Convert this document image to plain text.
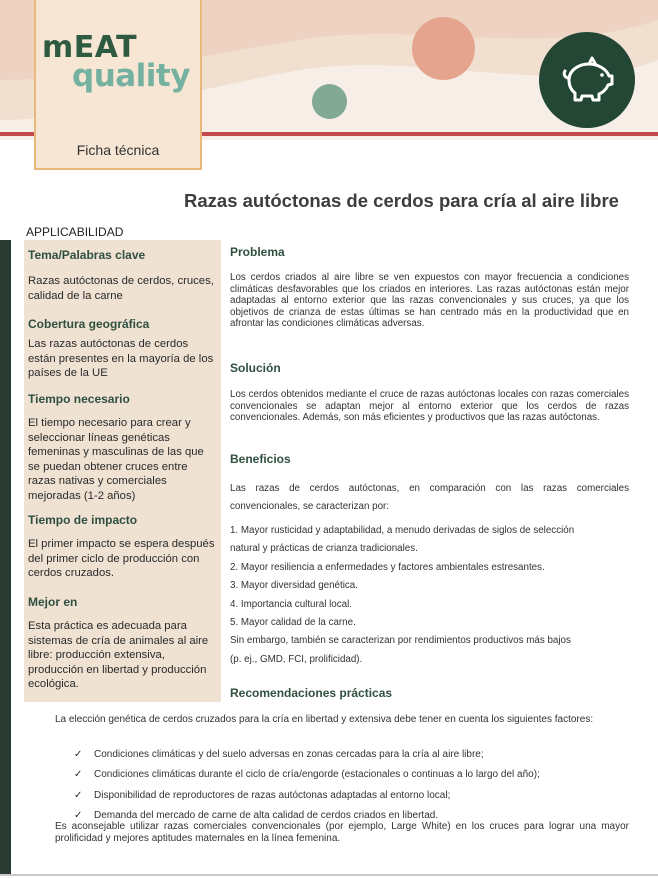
mEAT
quality
Ficha técnica
Razas autóctonas de cerdos para cría al aire libre
APPLICABILIDAD

Tema/Palabras clave

Razas autóctonas de cerdos, cruces, calidad de la carne

Cobertura geográfica

Las razas autóctonas de cerdos están presentes en la mayoría de los países de la UE

Tiempo necesario

El tiempo necesario para crear y seleccionar líneas genéticas femeninas y masculinas de las que se puedan obtener cruces entre razas nativas y comerciales mejoradas (1-2 años)

Tiempo de impacto

El primer impacto se espera después del primer ciclo de producción con cerdos cruzados.

Mejor en

Esta práctica es adecuada para sistemas de cría de animales al aire libre: producción extensiva, producción en libertad y producción ecológica.

Problema
Los cerdos criados al aire libre se ven expuestos con mayor frecuencia a condiciones climáticas desfavorables que los criados en interiores. Las razas autóctonas están mejor adaptadas al entorno exterior que las razas convencionales y sus cruces, ya que los objetivos de crianza de estas últimas se han centrado más en la productividad que en afrontar las condiciones climáticas adversas.
Solución
Los cerdos obtenidos mediante el cruce de razas autóctonas locales con razas comerciales convencionales se adaptan mejor al entorno exterior que los cerdos de razas convencionales. Además, son más eficientes y productivos que las razas autóctonas.
Beneficios
Las razas de cerdos autóctonas, en comparación con las razas comerciales convencionales, se caracterizan por:
1. Mayor rusticidad y adaptabilidad, a menudo derivadas de siglos de selección
natural y prácticas de crianza tradicionales.
2. Mayor resiliencia a enfermedades y factores ambientales estresantes.
3. Mayor diversidad genética.
4. Importancia cultural local.
5. Mayor calidad de la carne.
Sin embargo, también se caracterizan por rendimientos productivos más bajos
(p. ej., GMD, FCI, prolificidad).
Recomendaciones prácticas
La elección genética de cerdos cruzados para la cría en libertad y extensiva debe tener en cuenta los siguientes factores:
✓ Condiciones climáticas y del suelo adversas en zonas cercadas para la cría al aire libre;
✓ Condiciones climáticas durante el ciclo de cría/engorde (estacionales o continuas a lo largo del año);
✓ Disponibilidad de reproductores de razas autóctonas adaptadas al entorno local;
✓ Demanda del mercado de carne de alta calidad de cerdos criados en libertad.
Es aconsejable utilizar razas comerciales convencionales (por ejemplo, Large White) en los cruces para lograr una mayor prolificidad y mejores aptitudes maternales en la línea femenina.
